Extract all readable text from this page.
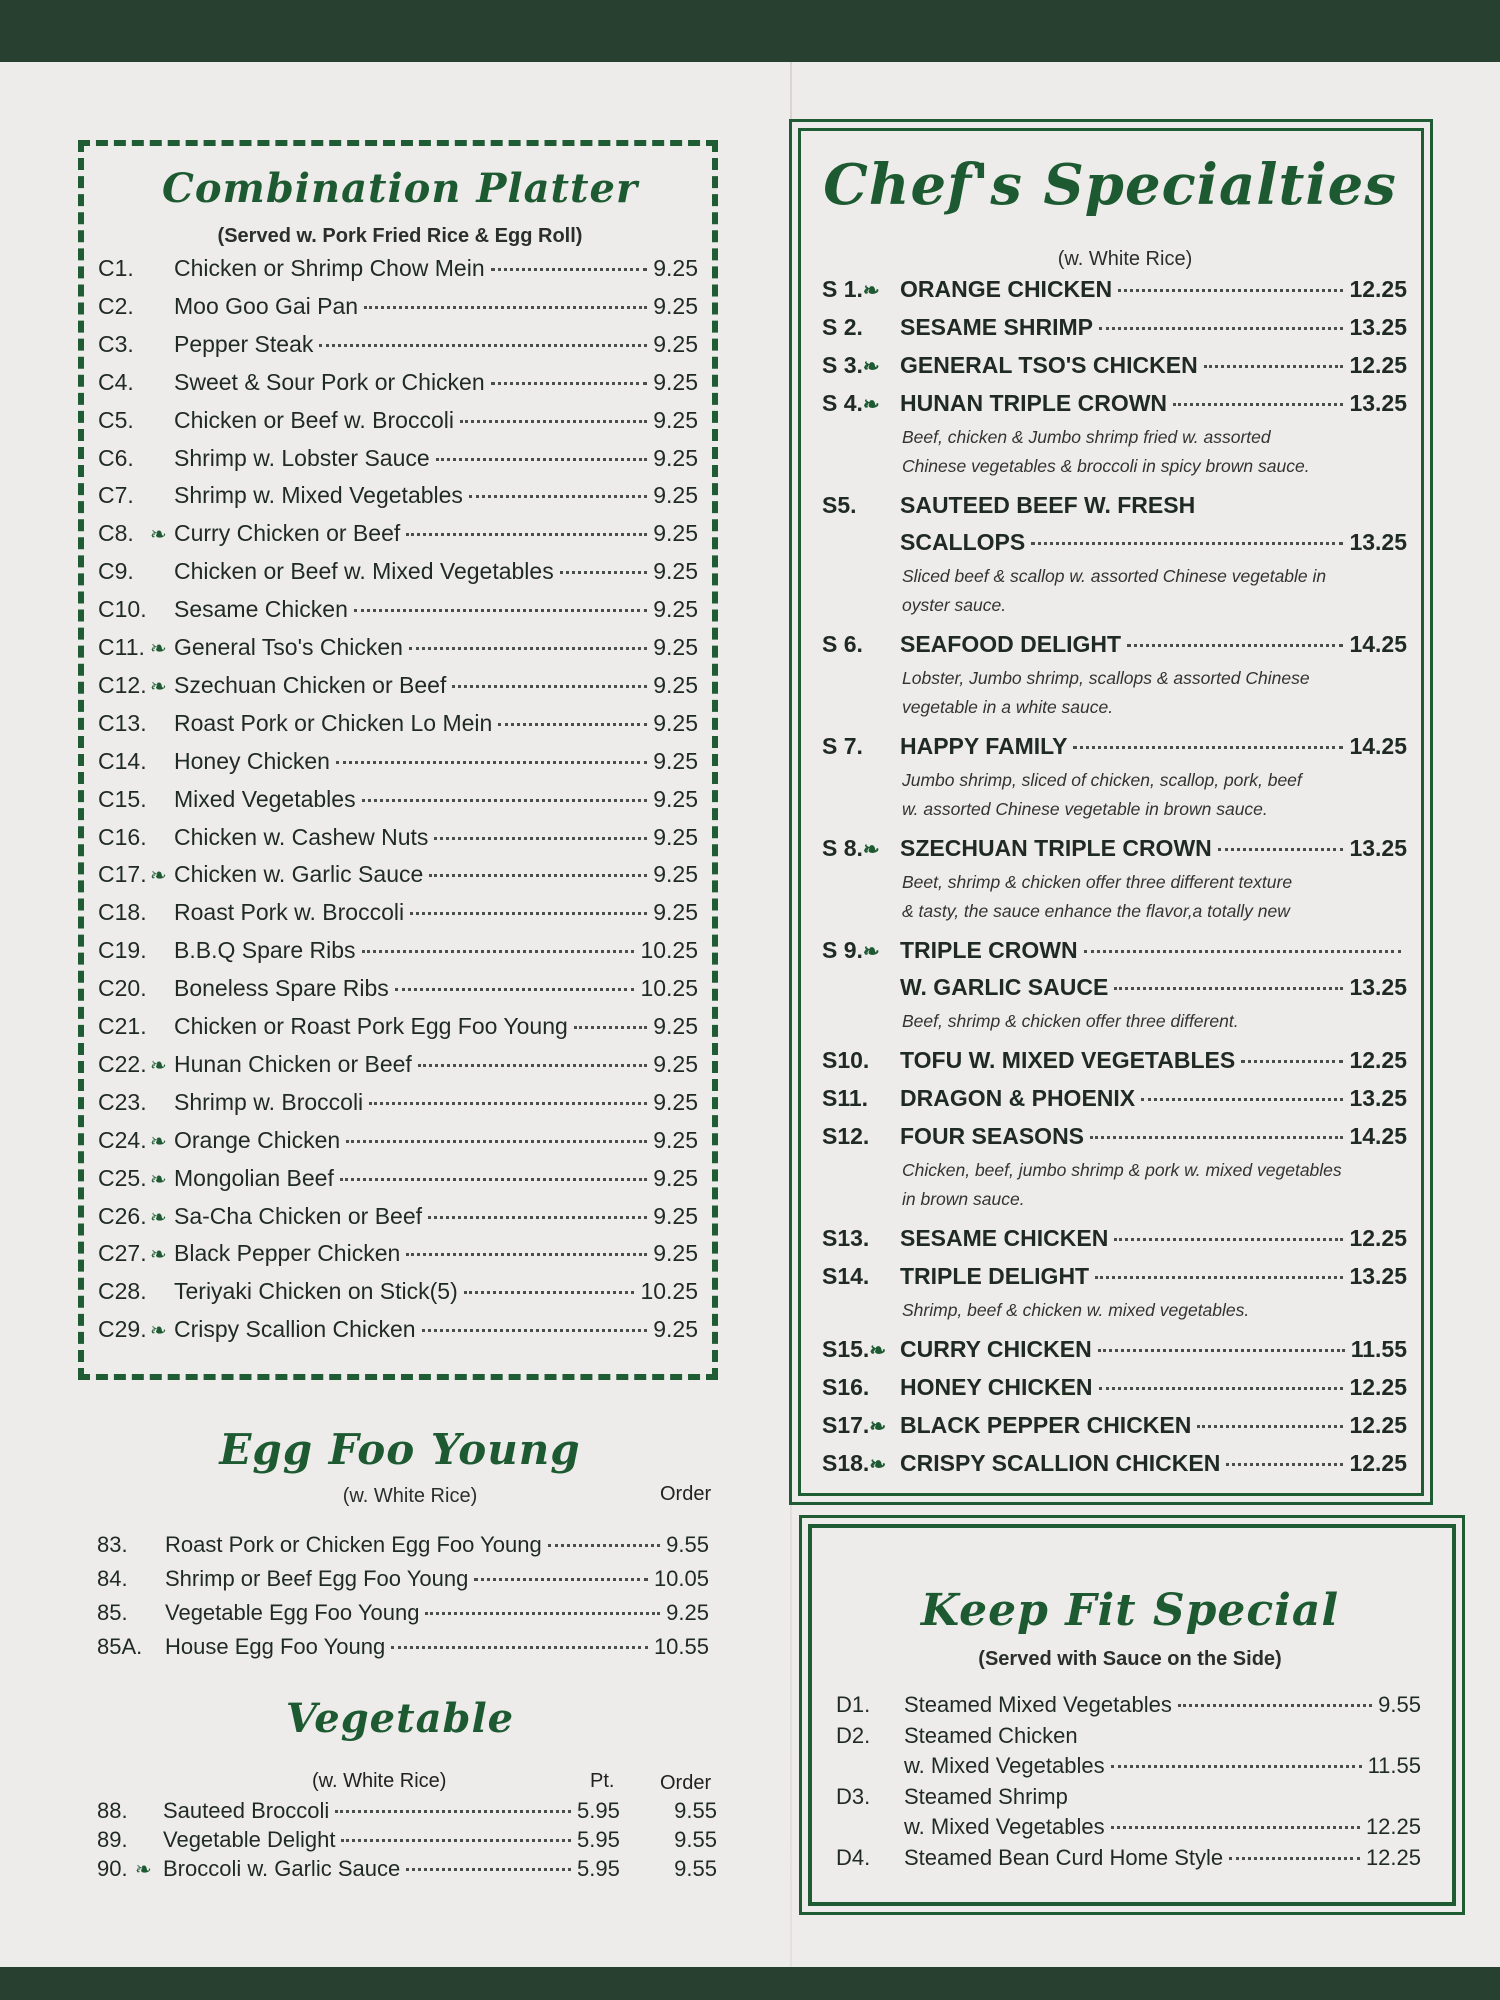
Combination Platter
(Served w. Pork Fried Rice & Egg Roll)
C1.	Chicken or Shrimp Chow Mein	9.25
C2.	Moo Goo Gai Pan	9.25
C3.	Pepper Steak	9.25
C4.	Sweet & Sour Pork or Chicken	9.25
C5.	Chicken or Beef w. Broccoli	9.25
C6.	Shrimp w. Lobster Sauce	9.25
C7.	Shrimp w. Mixed Vegetables	9.25
C8. ❧ Curry Chicken or Beef	9.25
C9.	Chicken or Beef w. Mixed Vegetables	9.25
C10. Sesame Chicken	9.25
C11. ❧ General Tso's Chicken	9.25
C12. ❧ Szechuan Chicken or Beef	9.25
C13. Roast Pork or Chicken Lo Mein	9.25
C14. Honey Chicken	9.25
C15. Mixed Vegetables	9.25
C16. Chicken w. Cashew Nuts	9.25
C17. ❧ Chicken w. Garlic Sauce	9.25
C18. Roast Pork w. Broccoli	9.25
C19. B.B.Q Spare Ribs	10.25
C20. Boneless Spare Ribs	10.25
C21. Chicken or Roast Pork Egg Foo Young	9.25
C22. ❧ Hunan Chicken or Beef	9.25
C23. Shrimp w. Broccoli	9.25
C24. ❧ Orange Chicken	9.25
C25. ❧ Mongolian Beef	9.25
C26. ❧ Sa-Cha Chicken or Beef	9.25
C27. ❧ Black Pepper Chicken	9.25
C28. Teriyaki Chicken on Stick(5)	10.25
C29. ❧ Crispy Scallion Chicken	9.25
Egg Foo Young
(w. White Rice)	Order
83.	Roast Pork or Chicken Egg Foo Young	9.55
84.	Shrimp or Beef Egg Foo Young	10.05
85.	Vegetable Egg Foo Young	9.25
85A.	House Egg Foo Young	10.55
Vegetable
(w. White Rice)	Pt. Order
88.	Sauteed Broccoli	5.95	9.55
89.	Vegetable Delight	5.95	9.55
90. ❧ Broccoli w. Garlic Sauce	5.95	9.55
Chef's Specialties
(w. White Rice)
S 1.❧ ORANGE CHICKEN	12.25
S 2.	SESAME SHRIMP	13.25
S 3.❧ GENERAL TSO'S CHICKEN	12.25
S 4.❧ HUNAN TRIPLE CROWN	13.25
Beef, chicken & Jumbo shrimp fried w. assorted
Chinese vegetables & broccoli in spicy brown sauce.
S5.	SAUTEED BEEF W. FRESH
SCALLOPS	13.25
Sliced beef & scallop w. assorted Chinese vegetable in
oyster sauce.
S 6.	SEAFOOD DELIGHT	14.25
Lobster, Jumbo shrimp, scallops & assorted Chinese
vegetable in a white sauce.
S 7.	HAPPY FAMILY	14.25
Jumbo shrimp, sliced of chicken, scallop, pork, beef
w. assorted Chinese vegetable in brown sauce.
S 8.❧ SZECHUAN TRIPLE CROWN	13.25
Beet, shrimp & chicken offer three different texture
& tasty, the sauce enhance the flavor,a totally new
S 9.❧ TRIPLE CROWN
W. GARLIC SAUCE	13.25
Beef, shrimp & chicken offer three different.
S10.	TOFU W. MIXED VEGETABLES	12.25
S11.	DRAGON & PHOENIX	13.25
S12.	FOUR SEASONS	14.25
Chicken, beef, jumbo shrimp & pork w. mixed vegetables
in brown sauce.
S13.	SESAME CHICKEN	12.25
S14.	TRIPLE DELIGHT	13.25
Shrimp, beef & chicken w. mixed vegetables.
S15.❧ CURRY CHICKEN	11.55
S16.	HONEY CHICKEN	12.25
S17.❧ BLACK PEPPER CHICKEN	12.25
S18.❧ CRISPY SCALLION CHICKEN	12.25
Keep Fit Special
(Served with Sauce on the Side)
D1.	Steamed Mixed Vegetables	9.55
D2.	Steamed Chicken
w. Mixed Vegetables	11.55
D3.	Steamed Shrimp
w. Mixed Vegetables	12.25
D4.	Steamed Bean Curd Home Style	12.25
